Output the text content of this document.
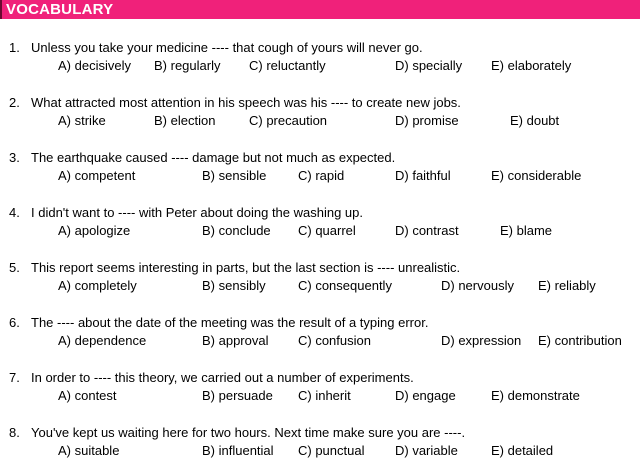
VOCABULARY
1. Unless you take your medicine ---- that cough of yours will never go.
A) decisively B) regularly C) reluctantly	D) specially E) elaborately
2. What attracted most attention in his speech was his ---- to create new jobs.
A) strike	B) election	C) precaution	D) promise	E) doubt
3. The earthquake caused ---- damage but not much as expected.
A) competent	B) sensible C) rapid	D) faithful	E) considerable
4. I didn't want to ---- with Peter about doing the washing up.
A) apologize	B) conclude C) quarrel	D) contrast	E) blame
5. This report seems interesting in parts, but the last section is ---- unrealistic.
A) completely	B) sensibly C) consequently	D) nervously E) reliably
6. The ---- about the date of the meeting was the result of a typing error.
A) dependence	B) approval C) confusion	D) expression E) contribution
7. In order to ---- this theory, we carried out a number of experiments.
A) contest	B) persuade C) inherit	D) engage	E) demonstrate
8. You've kept us waiting here for two hours. Next time make sure you are ----.
A) suitable	B) influential C) punctual D) variable	E) detailed
